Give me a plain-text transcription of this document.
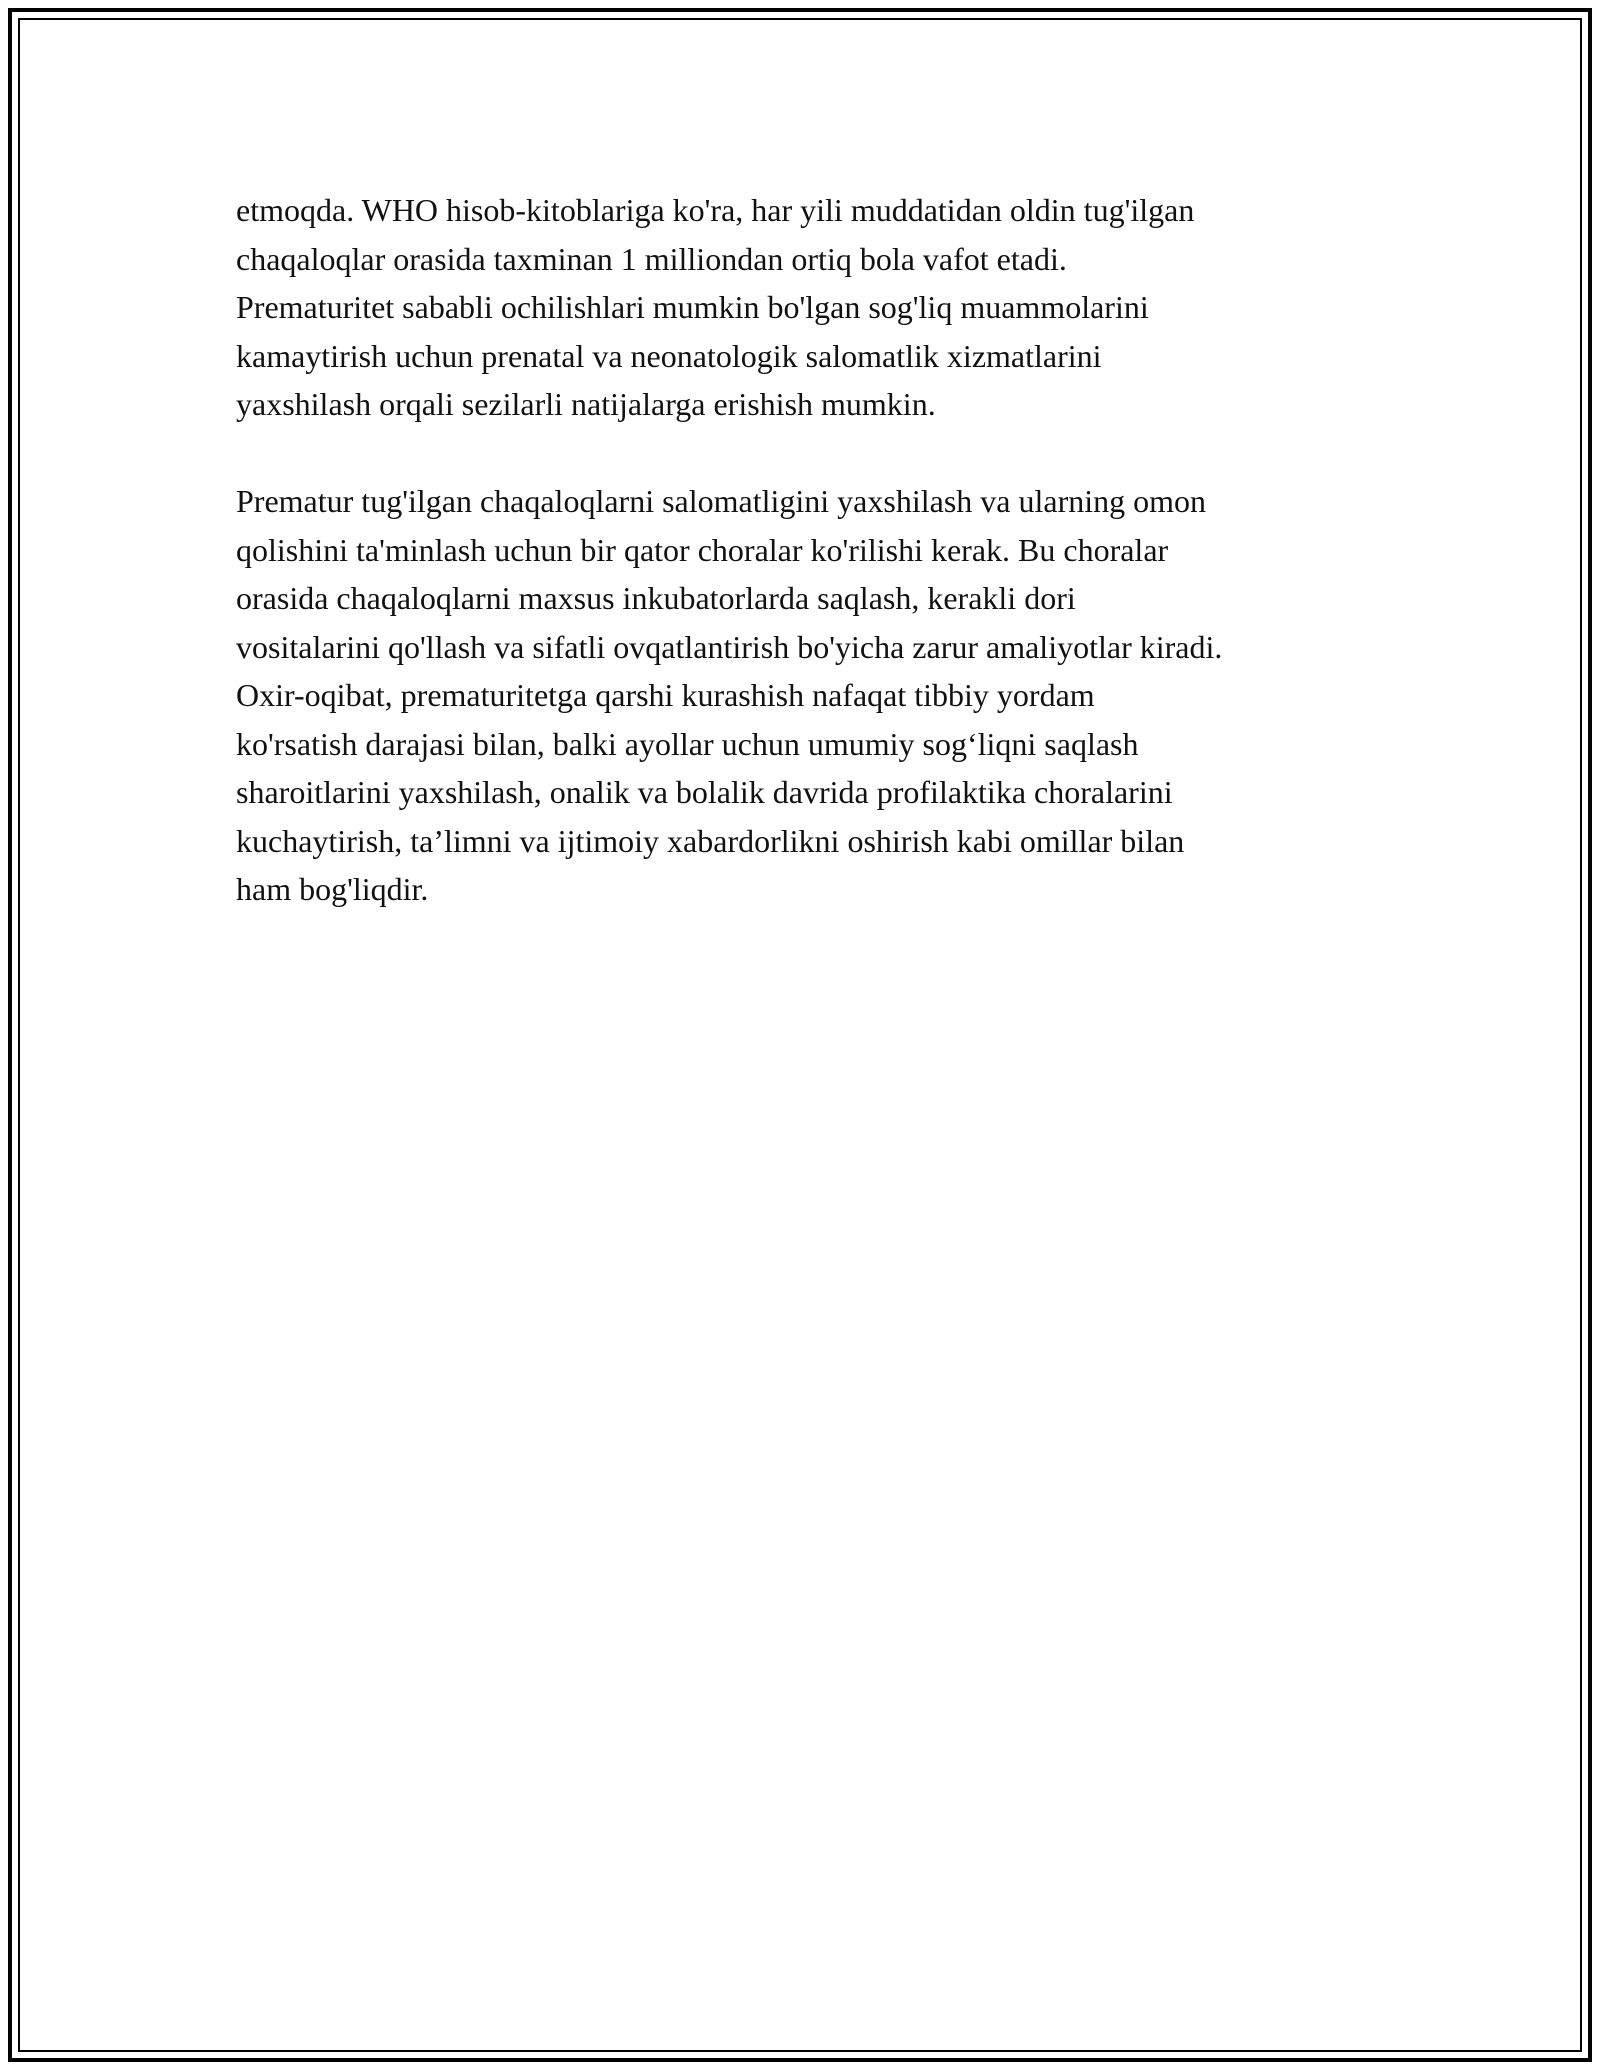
etmoqda. WHO hisob-kitoblariga ko'ra, har yili muddatidan oldin tug'ilgan
chaqaloqlar orasida taxminan 1 milliondan ortiq bola vafot etadi.
Prematuritet sababli ochilishlari mumkin bo'lgan sog'liq muammolarini
kamaytirish uchun prenatal va neonatologik salomatlik xizmatlarini
yaxshilash orqali sezilarli natijalarga erishish mumkin.
Prematur tug'ilgan chaqaloqlarni salomatligini yaxshilash va ularning omon
qolishini ta'minlash uchun bir qator choralar ko'rilishi kerak. Bu choralar
orasida chaqaloqlarni maxsus inkubatorlarda saqlash, kerakli dori
vositalarini qo'llash va sifatli ovqatlantirish bo'yicha zarur amaliyotlar kiradi.
Oxir-oqibat, prematuritetga qarshi kurashish nafaqat tibbiy yordam
ko'rsatish darajasi bilan, balki ayollar uchun umumiy sog‘liqni saqlash
sharoitlarini yaxshilash, onalik va bolalik davrida profilaktika choralarini
kuchaytirish, ta’limni va ijtimoiy xabardorlikni oshirish kabi omillar bilan
ham bog'liqdir.
